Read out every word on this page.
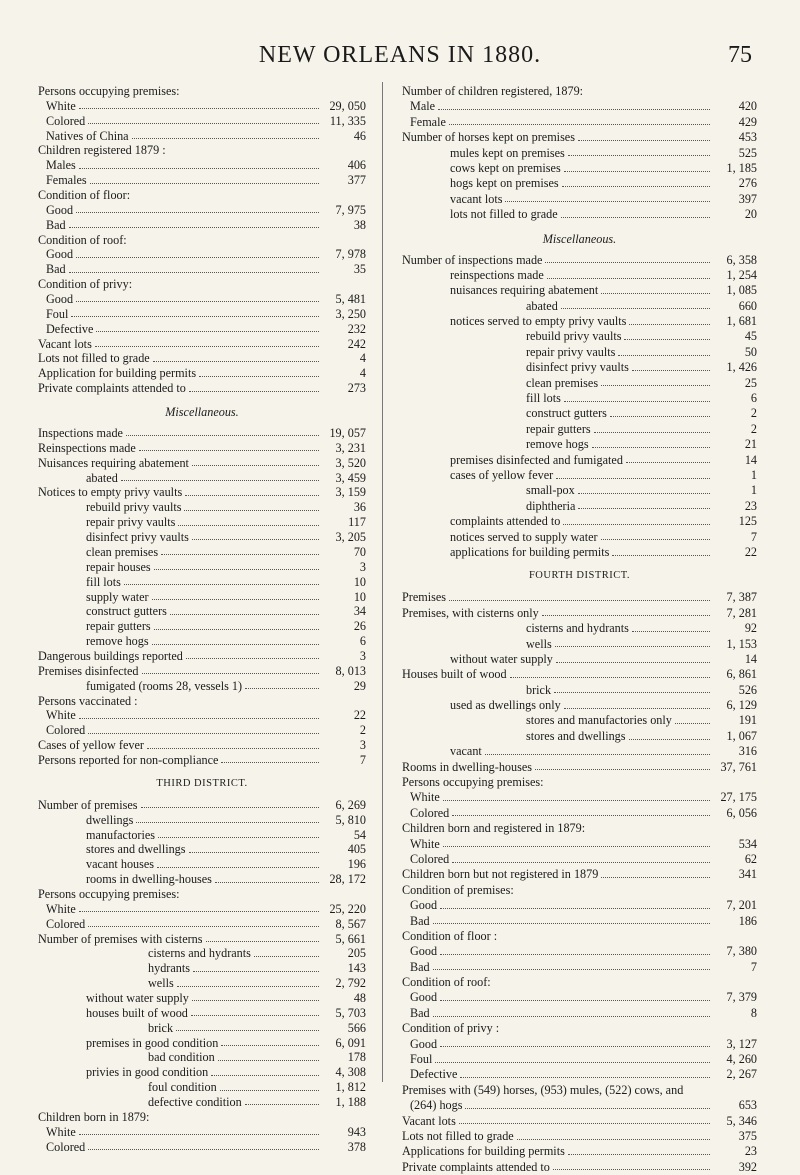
NEW ORLEANS IN 1880.	75
Persons occupying premises:
White	29, 050
Colored	11, 335
Natives of China	46
Children registered 1879 :
Males	406
Females	377
Condition of floor:
Good	7, 975
Bad	38
Condition of roof:
Good	7, 978
Bad	35
Condition of privy:
Good	5, 481
Foul	3, 250
Defective	232
Vacant lots	242
Lots not filled to grade	4
Application for building permits	4
Private complaints attended to	273
Miscellaneous.
Inspections made	19, 057
Reinspections made	3, 231
Nuisances requiring abatement	3, 520
abated	3, 459
Notices to empty privy vaults	3, 159
rebuild privy vaults	36
repair privy vaults	117
disinfect privy vaults	3, 205
clean premises	70
repair houses	3
fill lots	10
supply water	10
construct gutters	34
repair gutters	26
remove hogs	6
Dangerous buildings reported	3
Premises disinfected	8, 013
fumigated (rooms 28, vessels 1)	29
Persons vaccinated :
White	22
Colored	2
Cases of yellow fever	3
Persons reported for non-compliance	7
THIRD DISTRICT.
Number of premises	6, 269
dwellings	5, 810
manufactories	54
stores and dwellings	405
vacant houses	196
rooms in dwelling-houses	28, 172
Persons occupying premises:
White	25, 220
Colored	8, 567
Number of premises with cisterns	5, 661
cisterns and hydrants	205
hydrants	143
wells	2, 792
without water supply	48
houses built of wood	5, 703
brick	566
premises in good condition	6, 091
bad condition	178
privies in good condition	4, 308
foul condition	1, 812
defective condition	1, 188
Children born in 1879:
White	943
Colored	378
Number of children registered, 1879:
Male	420
Female	429
Number of horses kept on premises	453
mules kept on premises	525
cows kept on premises	1, 185
hogs kept on premises	276
vacant lots	397
lots not filled to grade	20
Miscellaneous.
Number of inspections made	6, 358
reinspections made	1, 254
nuisances requiring abatement	1, 085
abated	660
notices served to empty privy vaults	1, 681
rebuild privy vaults	45
repair privy vaults	50
disinfect privy vaults	1, 426
clean premises	25
fill lots	6
construct gutters	2
repair gutters	2
remove hogs	21
premises disinfected and fumigated	14
cases of yellow fever	1
small-pox	1
diphtheria	23
complaints attended to	125
notices served to supply water	7
applications for building permits	22
FOURTH DISTRICT.
Premises	7, 387
Premises, with cisterns only	7, 281
cisterns and hydrants	92
wells	1, 153
without water supply	14
Houses built of wood	6, 861
brick	526
used as dwellings only	6, 129
stores and manufactories only	191
stores and dwellings	1, 067
vacant	316
Rooms in dwelling-houses	37, 761
Persons occupying premises:
White	27, 175
Colored	6, 056
Children born and registered in 1879:
White	534
Colored	62
Children born but not registered in 1879	341
Condition of premises:
Good	7, 201
Bad	186
Condition of floor :
Good	7, 380
Bad	7
Condition of roof:
Good	7, 379
Bad	8
Condition of privy :
Good	3, 127
Foul	4, 260
Defective	2, 267
Premises with (549) horses, (953) mules, (522) cows, and
(264) hogs	653
Vacant lots	5, 346
Lots not filled to grade	375
Applications for building permits	23
Private complaints attended to	392
